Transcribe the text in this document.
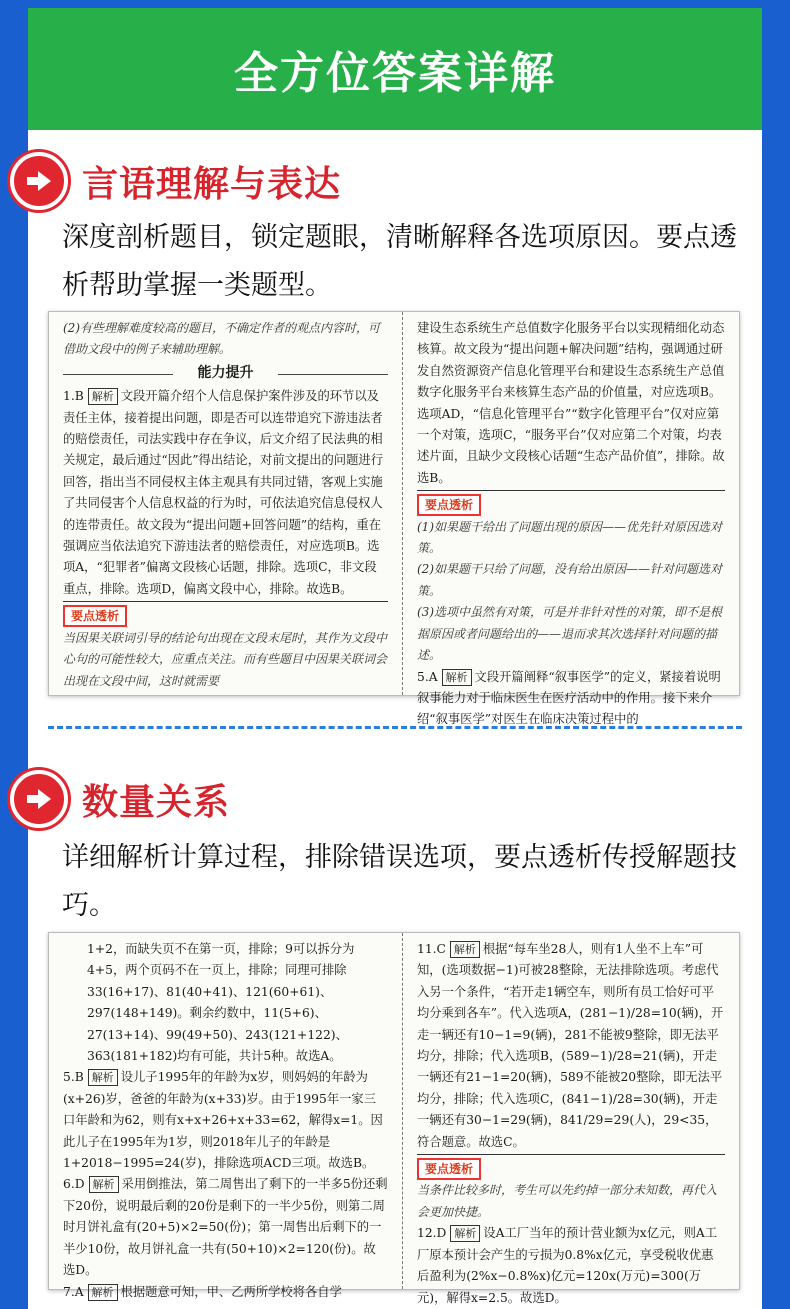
全方位答案详解
言语理解与表达
深度剖析题目，锁定题眼，清晰解释各选项原因。要点透析帮助掌握一类题型。

(2)有些理解难度较高的题目，不确定作者的观点内容时，可借助文段中的例子来辅助理解。

能力提升

1.B 解析 文段开篇介绍个人信息保护案件涉及的环节以及责任主体，接着提出问题，即是否可以连带追究下游违法者的赔偿责任，司法实践中存在争议，后文介绍了民法典的相关规定，最后通过“因此”得出结论，对前文提出的问题进行回答，指出当不同侵权主体主观具有共同过错，客观上实施了共同侵害个人信息权益的行为时，可依法追究信息侵权人的连带责任。故文段为“提出问题+回答问题”的结构，重在强调应当依法追究下游违法者的赔偿责任，对应选项B。选项A，“犯罪者”偏离文段核心话题，排除。选项C，非文段重点，排除。选项D，偏离文段中心，排除。故选B。

要点透析

当因果关联词引导的结论句出现在文段末尾时，其作为文段中心句的可能性较大，应重点关注。而有些题目中因果关联词会出现在文段中间，这时就需要

建设生态系统生产总值数字化服务平台以实现精细化动态核算。故文段为“提出问题+解决问题”结构，强调通过研发自然资源资产信息化管理平台和建设生态系统生产总值数字化服务平台来核算生态产品的价值量，对应选项B。选项AD，“信息化管理平台”“数字化管理平台”仅对应第一个对策，选项C，“服务平台”仅对应第二个对策，均表述片面，且缺少文段核心话题“生态产品价值”，排除。故选B。

要点透析

(1)如果题干给出了问题出现的原因——优先针对原因选对策。

(2)如果题干只给了问题，没有给出原因——针对问题选对策。

(3)选项中虽然有对策，可是并非针对性的对策，即不是根据原因或者问题给出的——退而求其次选择针对问题的描述。

5.A 解析 文段开篇阐释“叙事医学”的定义，紧接着说明叙事能力对于临床医生在医疗活动中的作用。接下来介绍“叙事医学”对医生在临床决策过程中的

数量关系
详细解析计算过程，排除错误选项，要点透析传授解题技巧。

1+2，而缺失页不在第一页，排除；9可以拆分为4+5，两个页码不在一页上，排除；同理可排除33(16+17)、81(40+41)、121(60+61)、297(148+149)。剩余约数中，11(5+6)、27(13+14)、99(49+50)、243(121+122)、363(181+182)均有可能，共计5种。故选A。

5.B 解析 设儿子1995年的年龄为x岁，则妈妈的年龄为(x+26)岁，爸爸的年龄为(x+33)岁。由于1995年一家三口年龄和为62，则有x+x+26+x+33=62，解得x=1。因此儿子在1995年为1岁，则2018年儿子的年龄是1+2018−1995=24(岁)，排除选项ACD三项。故选B。

6.D 解析 采用倒推法，第二周售出了剩下的一半多5份还剩下20份，说明最后剩的20份是剩下的一半少5份，则第二周时月饼礼盒有(20+5)×2=50(份)；第一周售出后剩下的一半少10份，故月饼礼盒一共有(50+10)×2=120(份)。故选D。

7.A 解析 根据题意可知，甲、乙两所学校将各自学

11.C 解析 根据“每车坐28人，则有1人坐不上车”可知，(选项数据−1)可被28整除，无法排除选项。考虑代入另一个条件，“若开走1辆空车，则所有员工恰好可平均分乘到各车”。代入选项A，(281−1)/28=10(辆)，开走一辆还有10−1=9(辆)，281不能被9整除，即无法平均分，排除；代入选项B，(589−1)/28=21(辆)，开走一辆还有21−1=20(辆)，589不能被20整除，即无法平均分，排除；代入选项C，(841−1)/28=30(辆)，开走一辆还有30−1=29(辆)，841/29=29(人)，29<35，符合题意。故选C。

要点透析

当条件比较多时，考生可以先约掉一部分未知数，再代入会更加快捷。

12.D 解析 设A工厂当年的预计营业额为x亿元，则A工厂原本预计会产生的亏损为0.8%x亿元，享受税收优惠后盈利为(2%x−0.8%x)亿元=120x(万元)=300(万元)，解得x=2.5。故选D。
